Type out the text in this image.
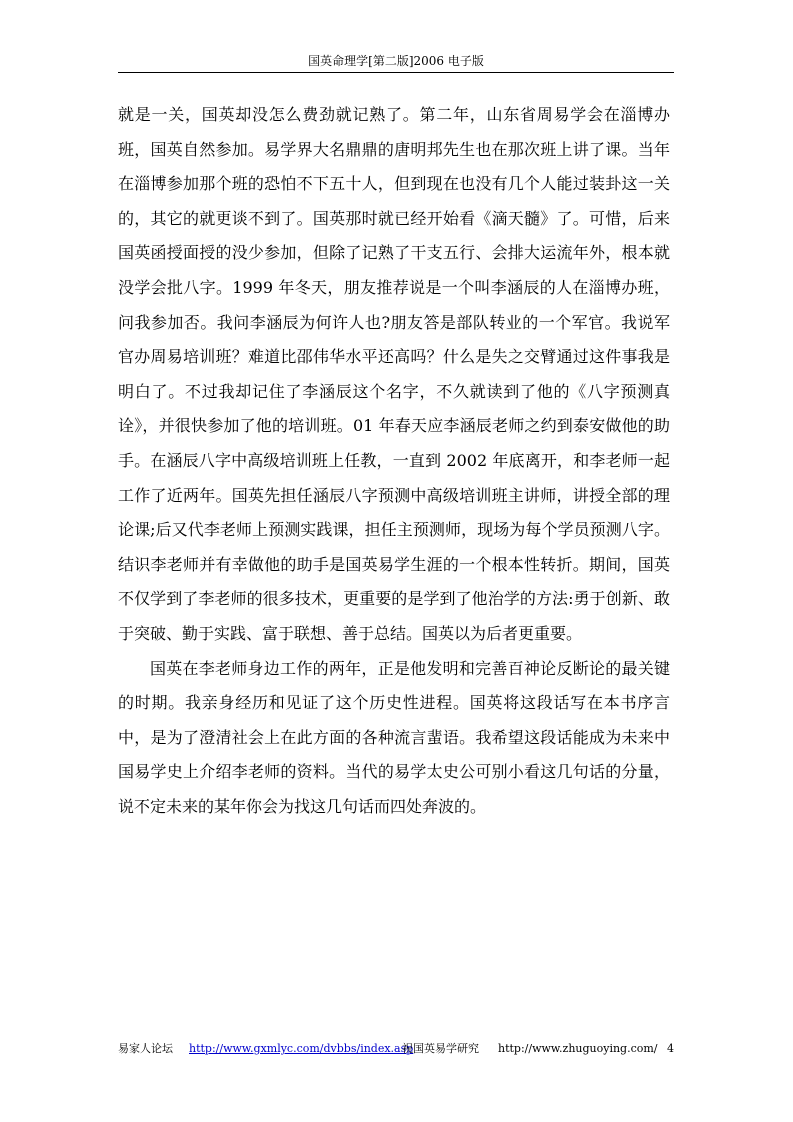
国英命理学[第二版]2006 电子版

就是一关，国英却没怎么费劲就记熟了。第二年，山东省周易学会在淄博办班，国英自然参加。易学界大名鼎鼎的唐明邦先生也在那次班上讲了课。当年在淄博参加那个班的恐怕不下五十人，但到现在也没有几个人能过装卦这一关的，其它的就更谈不到了。国英那时就已经开始看《滴天髓》了。可惜，后来国英函授面授的没少参加，但除了记熟了干支五行、会排大运流年外，根本就没学会批八字。1999 年冬天，朋友推荐说是一个叫李涵辰的人在淄博办班，问我参加否。我问李涵辰为何许人也?朋友答是部队转业的一个军官。我说军官办周易培训班？难道比邵伟华水平还高吗？什么是失之交臂通过这件事我是明白了。不过我却记住了李涵辰这个名字，不久就读到了他的《八字预测真诠》，并很快参加了他的培训班。01 年春天应李涵辰老师之约到泰安做他的助手。在涵辰八字中高级培训班上任教，一直到 2002 年底离开，和李老师一起工作了近两年。国英先担任涵辰八字预测中高级培训班主讲师，讲授全部的理论课;后又代李老师上预测实践课，担任主预测师，现场为每个学员预测八字。结识李老师并有幸做他的助手是国英易学生涯的一个根本性转折。期间，国英不仅学到了李老师的很多技术，更重要的是学到了他治学的方法:勇于创新、敢于突破、勤于实践、富于联想、善于总结。国英以为后者更重要。

国英在李老师身边工作的两年，正是他发明和完善百神论反断论的最关键的时期。我亲身经历和见证了这个历史性进程。国英将这段话写在本书序言中，是为了澄清社会上在此方面的各种流言蜚语。我希望这段话能成为未来中国易学史上介绍李老师的资料。当代的易学太史公可别小看这几句话的分量，说不定未来的某年你会为找这几句话而四处奔波的。

易家人论坛 http://www.gxmlyc.com/dvbbs/index.asp
祝国英易学研究 http://www.zhuguoying.com/ 4
